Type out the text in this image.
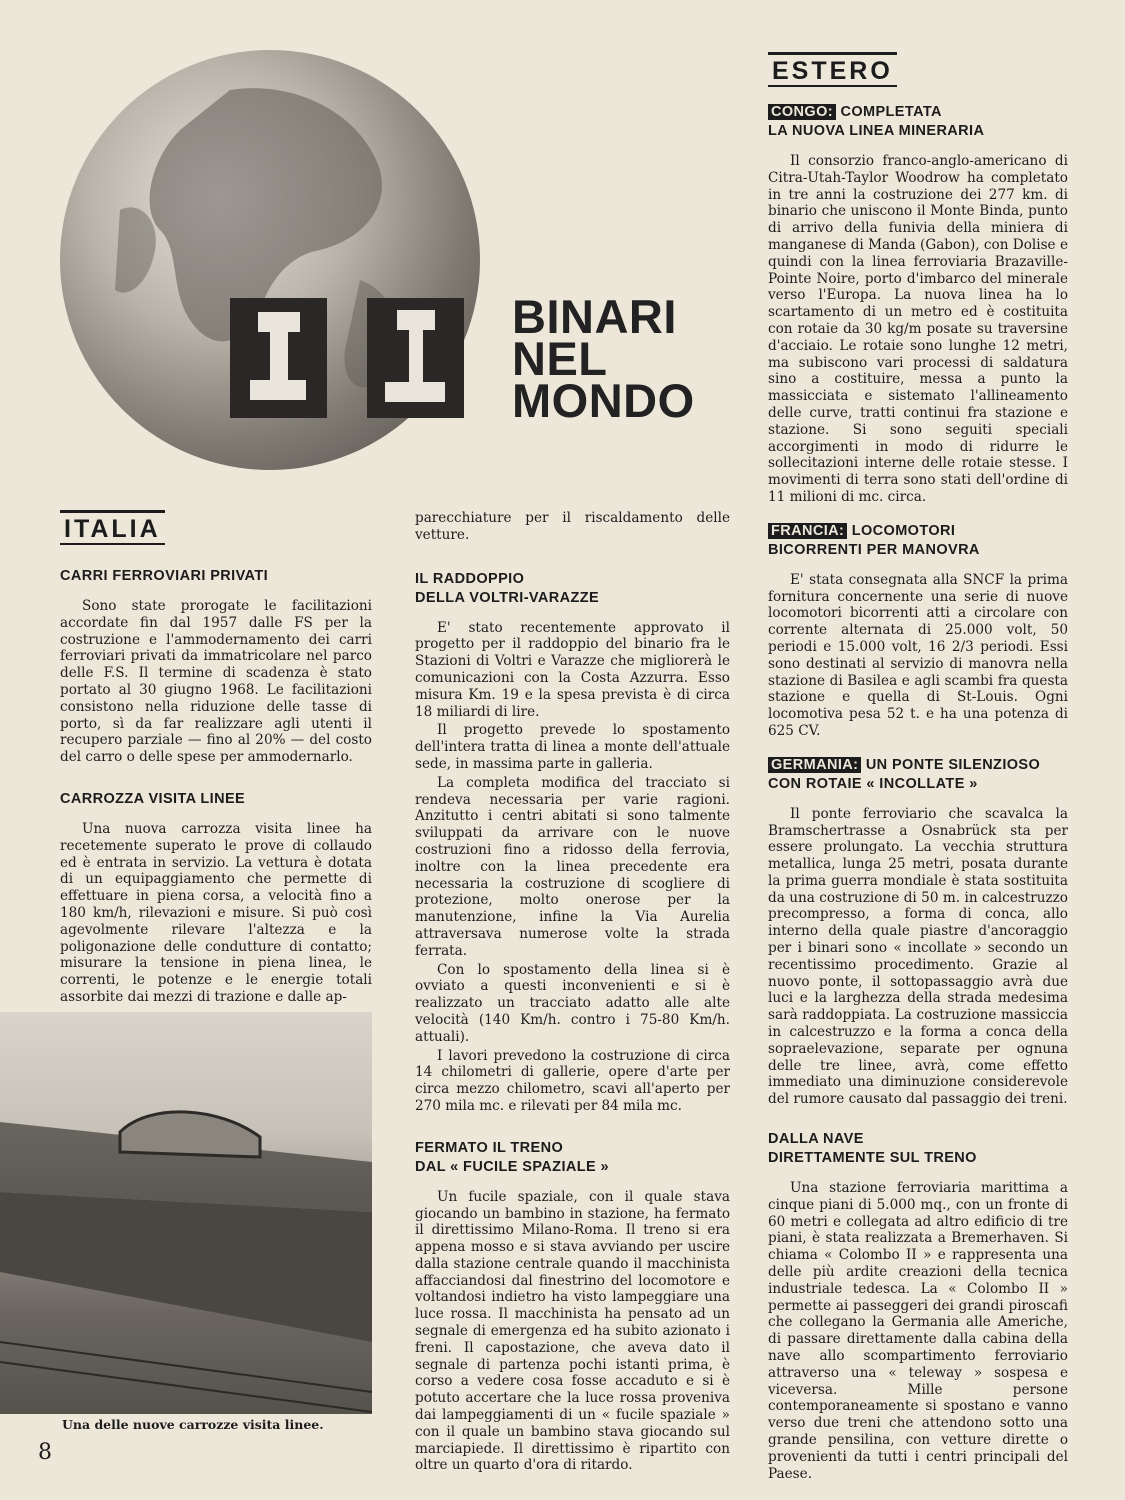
BINARI
NEL
MONDO
ITALIA
CARRI FERROVIARI PRIVATI

Sono state prorogate le facilitazioni accordate fin dal 1957 dalle FS per la costruzione e l'ammodernamento dei carri ferroviari privati da immatricolare nel parco delle F.S. Il termine di scadenza è stato portato al 30 giugno 1968. Le facilitazioni consistono nella riduzione delle tasse di porto, sì da far realizzare agli utenti il recupero parziale — fino al 20% — del costo del carro o delle spese per ammodernarlo.

CARROZZA VISITA LINEE

Una nuova carrozza visita linee ha recetemente superato le prove di collaudo ed è entrata in servizio. La vettura è dotata di un equipaggiamento che permette di effettuare in piena corsa, a velocità fino a 180 km/h, rilevazioni e misure. Si può così agevolmente rilevare l'altezza e la poligonazione delle condutture di contatto; misurare la tensione in piena linea, le correnti, le potenze e le energie totali assorbite dai mezzi di trazione e dalle ap-

Una delle nuove carrozze visita linee.
8

parecchiature per il riscaldamento delle vetture.

IL RADDOPPIO
DELLA VOLTRI-VARAZZE

E' stato recentemente approvato il progetto per il raddoppio del binario fra le Stazioni di Voltri e Varazze che migliorerà le comunicazioni con la Costa Azzurra. Esso misura Km. 19 e la spesa prevista è di circa 18 miliardi di lire.

Il progetto prevede lo spostamento dell'intera tratta di linea a monte dell'attuale sede, in massima parte in galleria.

La completa modifica del tracciato si rendeva necessaria per varie ragioni. Anzitutto i centri abitati si sono talmente sviluppati da arrivare con le nuove costruzioni fino a ridosso della ferrovia, inoltre con la linea precedente era necessaria la costruzione di scogliere di protezione, molto onerose per la manutenzione, infine la Via Aurelia attraversava numerose volte la strada ferrata.

Con lo spostamento della linea si è ovviato a questi inconvenienti e si è realizzato un tracciato adatto alle alte velocità (140 Km/h. contro i 75-80 Km/h. attuali).

I lavori prevedono la costruzione di circa 14 chilometri di gallerie, opere d'arte per circa mezzo chilometro, scavi all'aperto per 270 mila mc. e rilevati per 84 mila mc.

FERMATO IL TRENO
DAL « FUCILE SPAZIALE »

Un fucile spaziale, con il quale stava giocando un bambino in stazione, ha fermato il direttissimo Milano-Roma. Il treno si era appena mosso e si stava avviando per uscire dalla stazione centrale quando il macchinista affacciandosi dal finestrino del locomotore e voltandosi indietro ha visto lampeggiare una luce rossa. Il macchinista ha pensato ad un segnale di emergenza ed ha subito azionato i freni. Il capostazione, che aveva dato il segnale di partenza pochi istanti prima, è corso a vedere cosa fosse accaduto e si è potuto accertare che la luce rossa proveniva dai lampeggiamenti di un « fucile spaziale » con il quale un bambino stava giocando sul marciapiede. Il direttissimo è ripartito con oltre un quarto d'ora di ritardo.

ESTERO
CONGO: COMPLETATA
LA NUOVA LINEA MINERARIA

Il consorzio franco-anglo-americano di Citra-Utah-Taylor Woodrow ha completato in tre anni la costruzione dei 277 km. di binario che uniscono il Monte Binda, punto di arrivo della funivia della miniera di manganese di Manda (Gabon), con Dolise e quindi con la linea ferroviaria Brazaville-Pointe Noire, porto d'imbarco del minerale verso l'Europa. La nuova linea ha lo scartamento di un metro ed è costituita con rotaie da 30 kg/m posate su traversine d'acciaio. Le rotaie sono lunghe 12 metri, ma subiscono vari processi di saldatura sino a costituire, messa a punto la massicciata e sistemato l'allineamento delle curve, tratti continui fra stazione e stazione. Si sono seguiti speciali accorgimenti in modo di ridurre le sollecitazioni interne delle rotaie stesse. I movimenti di terra sono stati dell'ordine di 11 milioni di mc. circa.

FRANCIA: LOCOMOTORI
BICORRENTI PER MANOVRA

E' stata consegnata alla SNCF la prima fornitura concernente una serie di nuove locomotori bicorrenti atti a circolare con corrente alternata di 25.000 volt, 50 periodi e 15.000 volt, 16 2/3 periodi. Essi sono destinati al servizio di manovra nella stazione di Basilea e agli scambi fra questa stazione e quella di St-Louis. Ogni locomotiva pesa 52 t. e ha una potenza di 625 CV.

GERMANIA: UN PONTE SILENZIOSO
CON ROTAIE « INCOLLATE »

Il ponte ferroviario che scavalca la Bramschertrasse a Osnabrück sta per essere prolungato. La vecchia struttura metallica, lunga 25 metri, posata durante la prima guerra mondiale è stata sostituita da una costruzione di 50 m. in calcestruzzo precompresso, a forma di conca, allo interno della quale piastre d'ancoraggio per i binari sono « incollate » secondo un recentissimo procedimento. Grazie al nuovo ponte, il sottopassaggio avrà due luci e la larghezza della strada medesima sarà raddoppiata. La costruzione massiccia in calcestruzzo e la forma a conca della sopraelevazione, separate per ognuna delle tre linee, avrà, come effetto immediato una diminuzione considerevole del rumore causato dal passaggio dei treni.

DALLA NAVE
DIRETTAMENTE SUL TRENO

Una stazione ferroviaria marittima a cinque piani di 5.000 mq., con un fronte di 60 metri e collegata ad altro edificio di tre piani, è stata realizzata a Bremerhaven. Si chiama « Colombo II » e rappresenta una delle più ardite creazioni della tecnica industriale tedesca. La « Colombo II » permette ai passeggeri dei grandi piroscafi che collegano la Germania alle Americhe, di passare direttamente dalla cabina della nave allo scompartimento ferroviario attraverso una « teleway » sospesa e viceversa. Mille persone contemporaneamente si spostano e vanno verso due treni che attendono sotto una grande pensilina, con vetture dirette o provenienti da tutti i centri principali del Paese.
